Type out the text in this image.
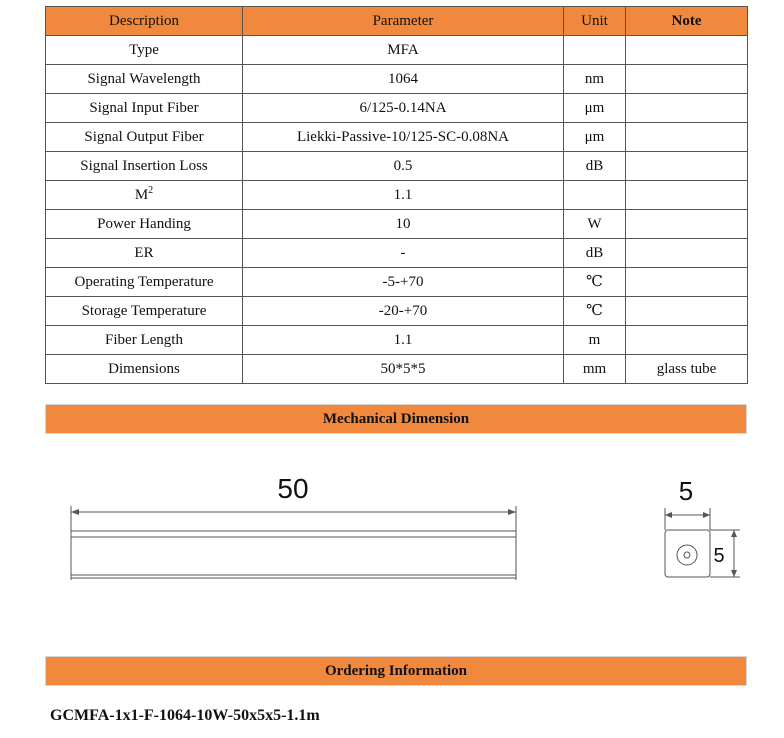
Description	Parameter	Unit	Note
Type	MFA		
Signal Wavelength	1064	nm	
Signal Input Fiber	6/125-0.14NA	μm	
Signal Output Fiber	Liekki-Passive-10/125-SC-0.08NA	μm	
Signal Insertion Loss	0.5	dB	
$M^2$	1.1		
Power Handing	10	W	
ER	-	dB	
Operating Temperature	-5-+70	℃	
Storage Temperature	-20-+70	℃	
Fiber Length	1.1	m	
Dimensions	50*5*5	mm	glass tube
Mechanical Dimension
50	5
5
Ordering Information
GCMFA-1x1-F-1064-10W-50x5x5-1.1m
